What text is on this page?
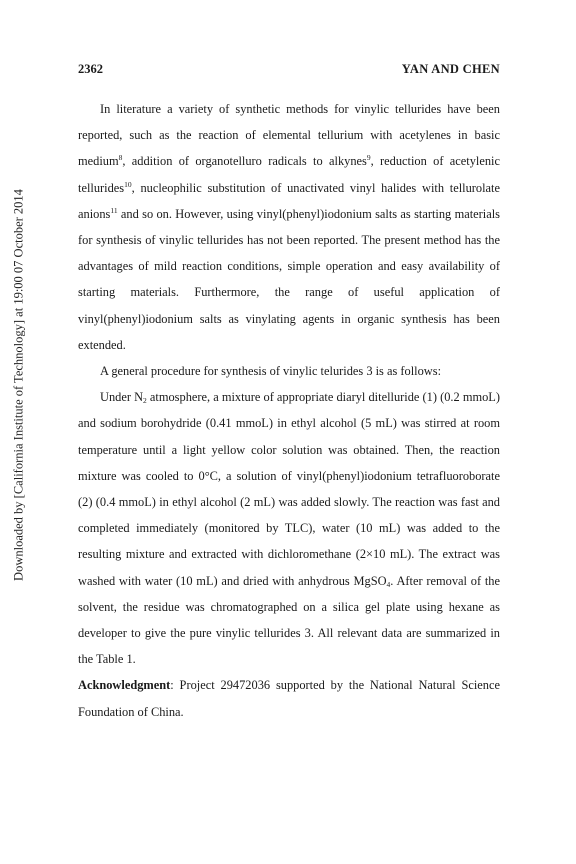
2362	YAN AND CHEN
Downloaded by [California Institute of Technology] at 19:00 07 October 2014

In literature a variety of synthetic methods for vinylic tellurides have been reported, such as the reaction of elemental tellurium with acetylenes in basic medium$^8$, addition of organotelluro radicals to alkynes$^9$, reduction of acetylenic tellurides$^{10}$, nucleophilic substitution of unactivated vinyl halides with tellurolate anions$^{11}$ and so on. However, using vinyl(phenyl)iodonium salts as starting materials for synthesis of vinylic tellurides has not been reported. The present method has the advantages of mild reaction conditions, simple operation and easy availability of starting materials. Furthermore, the range of useful application of vinyl(phenyl)iodonium salts as vinylating agents in organic synthesis has been extended.

A general procedure for synthesis of vinylic telurides 3 is as follows:

Under $N_2$ atmosphere, a mixture of appropriate diaryl ditelluride (1) (0.2 mmoL) and sodium borohydride (0.41 mmoL) in ethyl alcohol (5 mL) was stirred at room temperature until a light yellow color solution was obtained. Then, the reaction mixture was cooled to 0°C, a solution of vinyl(phenyl)iodonium tetrafluoroborate (2) (0.4 mmoL) in ethyl alcohol (2 mL) was added slowly. The reaction was fast and completed immediately (monitored by TLC), water (10 mL) was added to the resulting mixture and extracted with dichloromethane (2×10 mL). The extract was washed with water (10 mL) and dried with anhydrous MgSO$_4$. After removal of the solvent, the residue was chromatographed on a silica gel plate using hexane as developer to give the pure vinylic tellurides 3. All relevant data are summarized in the Table 1.

Acknowledgment: Project 29472036 supported by the National Natural Science Foundation of China.
